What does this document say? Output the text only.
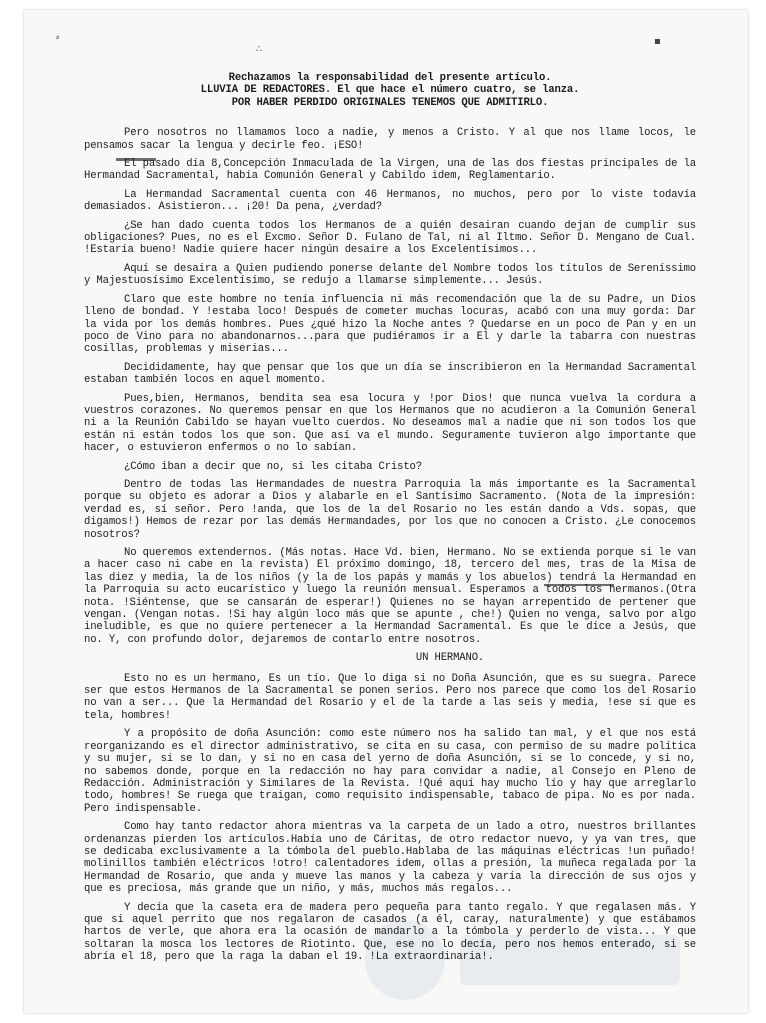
⸗
∴
▪

Rechazamos la responsabilidad del presente artículo.

LLUVIA DE REDACTORES. El que hace el número cuatro, se lanza.

POR HABER PERDIDO ORIGINALES TENEMOS QUE ADMITIRLO.

Pero nosotros no llamamos loco a nadie, y menos a Cristo. Y al que nos llame locos, le pensamos sacar la lengua y decirle feo. ¡ESO!

El pasado día 8,Concepción Inmaculada de la Virgen, una de las dos fiestas principales de la Hermandad Sacramental, había Comunión General y Cabildo idem, Reglamentario.

La Hermandad Sacramental cuenta con 46 Hermanos, no muchos, pero por lo viste todavía demasiados. Asistieron... ¡20! Da pena, ¿verdad?

¿Se han dado cuenta todos los Hermanos de a quién desairan cuando dejan de cumplir sus obligaciones? Pues, no es el Excmo. Señor D. Fulano de Tal, ni al Iltmo. Señor D. Mengano de Cual. !Estaría bueno! Nadie quiere hacer ningún desaire a los Excelentísimos...

Aquí se desaira a Quien pudiendo ponerse delante del Nombre todos los títulos de Sereníssimo y Majestuosísimo Excelentísimo, se redujo a llamarse simplemente... Jesús.

Claro que este hombre no tenía influencia ni más recomendación que la de su Padre, un Dios lleno de bondad. Y !estaba loco! Después de cometer muchas locuras, acabó con una muy gorda: Dar la vida por los demás hombres. Pues ¿qué hizo la Noche antes ? Quedarse en un poco de Pan y en un poco de Vino para no abandonarnos...para que pudiéramos ir a El y darle la tabarra con nuestras cosillas, problemas y miserias...

Decididamente, hay que pensar que los que un día se inscribieron en la Hermandad Sacramental estaban también locos en aquel momento.

Pues,bien, Hermanos, bendita sea esa locura y !por Dios! que nunca vuelva la cordura a vuestros corazones. No queremos pensar en que los Hermanos que no acudieron a la Comunión General ni a la Reunión Cabildo se hayan vuelto cuerdos. No deseamos mal a nadie que ni son todos los que están ni están todos los que son. Que así va el mundo. Seguramente tuvieron algo importante que hacer, o estuvieron enfermos o no lo sabían.

¿Cómo iban a decir que no, si les citaba Cristo?

Dentro de todas las Hermandades de nuestra Parroquia la más importante es la Sacramental porque su objeto es adorar a Dios y alabarle en el Santísimo Sacramento. (Nota de la impresión: verdad es, sí señor. Pero !anda, que los de la del Rosario no les están dando a Vds. sopas, que digamos!) Hemos de rezar por las demás Hermandades, por los que no conocen a Cristo. ¿Le conocemos nosotros?

No queremos extendernos. (Más notas. Hace Vd. bien, Hermano. No se extienda porque si le van a hacer caso ni cabe en la revista) El próximo domingo, 18, tercero del mes, tras de la Misa de las diez y media, la de los niños (y la de los papás y mamás y los abuelos) tendrá la Hermandad en la Parroquia su acto eucarístico y luego la reunión mensual. Esperamos a todos los hermanos.(Otra nota. !Siéntense, que se cansarán de esperar!) Quienes no se hayan arrepentido de pertener que vengan. (Vengan notas. !Si hay algún loco más que se apunte , che!) Quien no venga, salvo por algo ineludible, es que no quiere pertenecer a la Hermandad Sacramental. Es que le dice a Jesús, que no. Y, con profundo dolor, dejaremos de contarlo entre nosotros.

UN HERMANO.

Esto no es un hermano, Es un tío. Que lo diga si no Doña Asunción, que es su suegra. Parece ser que estos Hermanos de la Sacramental se ponen serios. Pero nos parece que como los del Rosario no van a ser... Que la Hermandad del Rosario y el de la tarde a las seis y media, !ese sí que es tela, hombres!

Y a propósito de doña Asunción: como este número nos ha salido tan mal, y el que nos está reorganizando es el director administrativo, se cita en su casa, con permiso de su madre política y su mujer, si se lo dan, y si no en casa del yerno de doña Asunción, si se lo concede, y si no, no sabemos donde, porque en la redacción no hay para convidar a nadie, al Consejo en Pleno de Redacción. Administración y Similares de la Revista. !Qué aquí hay mucho lío y hay que arreglarlo todo, hombres! Se ruega que traigan, como requisito indispensable, tabaco de pipa. No es por nada. Pero indispensable.

Como hay tanto redactor ahora mientras va la carpeta de un lado a otro, nuestros brillantes ordenanzas pierden los artículos.Había uno de Cáritas, de otro redactor nuevo, y ya van tres, que se dedicaba exclusivamente a la tómbola del pueblo.Hablaba de las máquinas eléctricas !un puñado! molinillos también eléctricos !otro! calentadores idem, ollas a presión, la muñeca regalada por la Hermandad de Rosario, que anda y mueve las manos y la cabeza y varía la dirección de sus ojos y que es preciosa, más grande que un niño, y más, muchos más regalos...

Y decía que la caseta era de madera pero pequeña para tanto regalo. Y que regalasen más. Y que si aquel perrito que nos regalaron de casados (a él, caray, naturalmente) y que estábamos hartos de verle, que ahora era la ocasión de mandarlo a la tómbola y perderlo de vista... Y que soltaran la mosca los lectores de Riotinto. Que, ese no lo decía, pero nos hemos enterado, si se abría el 18, pero que la raga la daban el 19. !La extraordinaria!.
